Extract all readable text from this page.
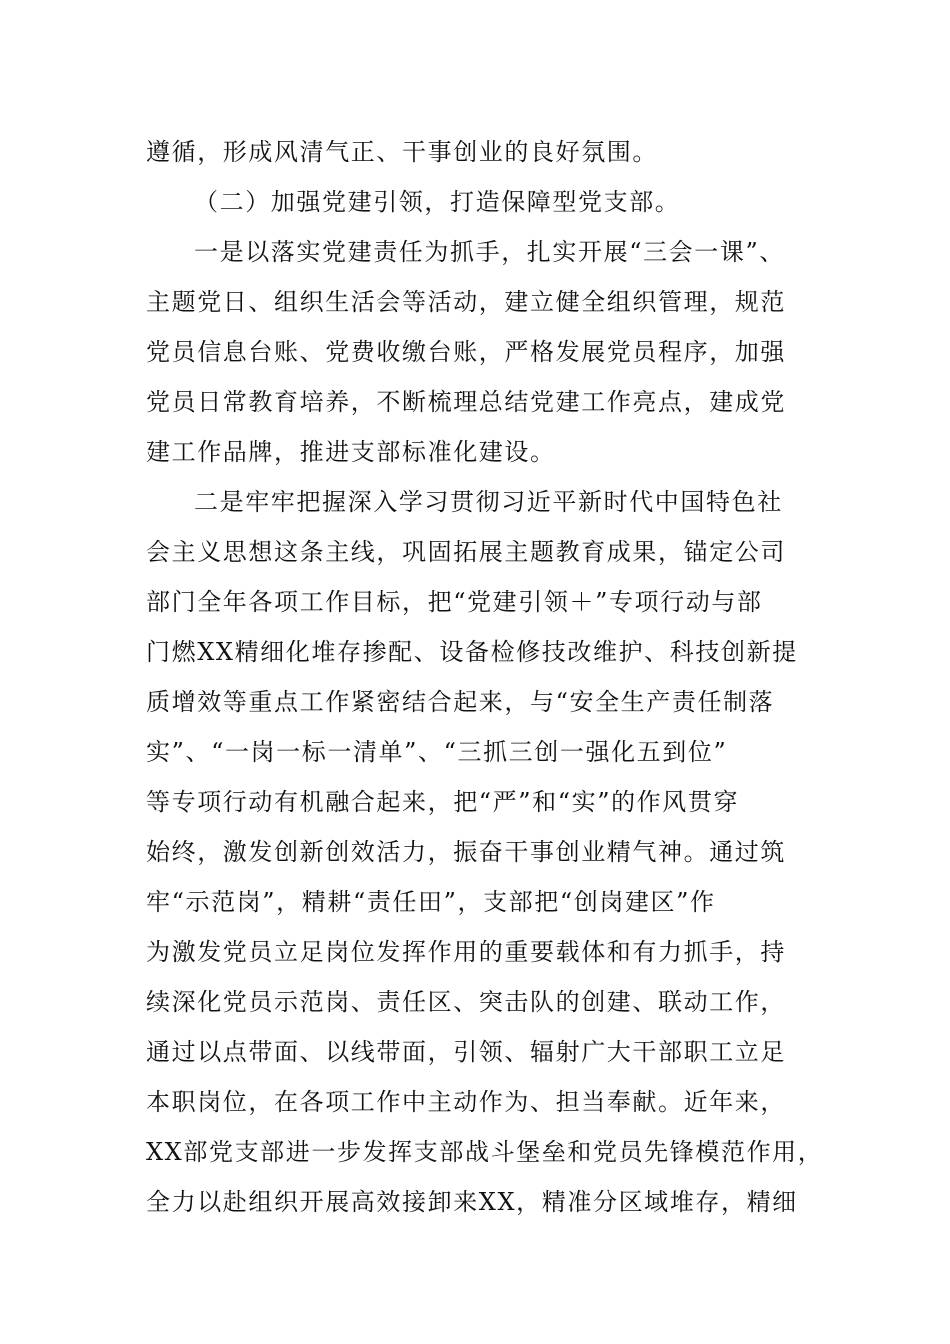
遵循，形成风清气正、干事创业的良好氛围。
（二）加强党建引领，打造保障型党支部。
一是以落实党建责任为抓手，扎实开展“三会一课”、
主题党日、组织生活会等活动，建立健全组织管理，规范
党员信息台账、党费收缴台账，严格发展党员程序，加强
党员日常教育培养，不断梳理总结党建工作亮点，建成党
建工作品牌，推进支部标准化建设。
二是牢牢把握深入学习贯彻习近平新时代中国特色社
会主义思想这条主线，巩固拓展主题教育成果，锚定公司
部门全年各项工作目标，把“党建引领＋”专项行动与部
门燃XX精细化堆存掺配、设备检修技改维护、科技创新提
质增效等重点工作紧密结合起来，与“安全生产责任制落
实”、“一岗一标一清单”、“三抓三创一强化五到位”
等专项行动有机融合起来，把“严”和“实”的作风贯穿
始终，激发创新创效活力，振奋干事创业精气神。通过筑
牢“示范岗”，精耕“责任田”，支部把“创岗建区”作
为激发党员立足岗位发挥作用的重要载体和有力抓手，持
续深化党员示范岗、责任区、突击队的创建、联动工作，
通过以点带面、以线带面，引领、辐射广大干部职工立足
本职岗位，在各项工作中主动作为、担当奉献。近年来，
XX部党支部进一步发挥支部战斗堡垒和党员先锋模范作用，
全力以赴组织开展高效接卸来XX，精准分区域堆存，精细
